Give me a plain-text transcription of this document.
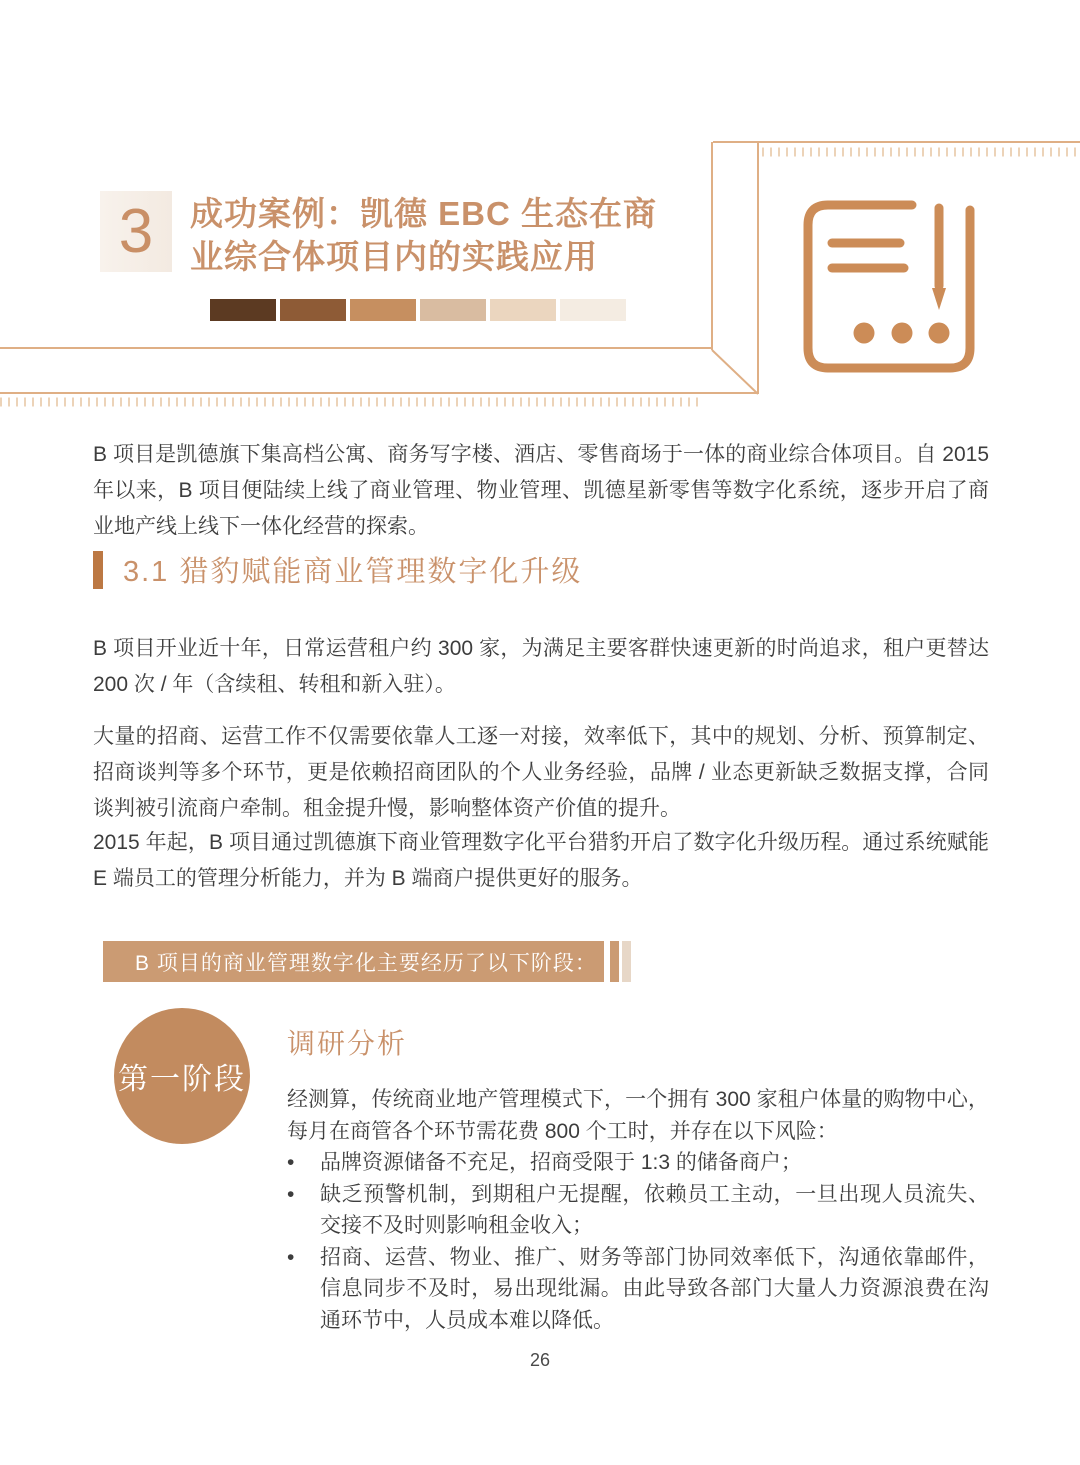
3 成功案例：凯德 EBC 生态在商
业综合体项目内的实践应用
B 项目是凯德旗下集高档公寓、商务写字楼、酒店、零售商场于一体的商业综合体项目。自 2015 年以来，B 项目便陆续上线了商业管理、物业管理、凯德星新零售等数字化系统，逐步开启了商业地产线上线下一体化经营的探索。
3.1 猎豹赋能商业管理数字化升级
B 项目开业近十年，日常运营租户约 300 家，为满足主要客群快速更新的时尚追求，租户更替达 200 次 / 年（含续租、转租和新入驻）。
大量的招商、运营工作不仅需要依靠人工逐一对接，效率低下，其中的规划、分析、预算制定、招商谈判等多个环节，更是依赖招商团队的个人业务经验，品牌 / 业态更新缺乏数据支撑，合同谈判被引流商户牵制。租金提升慢，影响整体资产价值的提升。
2015 年起，B 项目通过凯德旗下商业管理数字化平台猎豹开启了数字化升级历程。通过系统赋能 E 端员工的管理分析能力，并为 B 端商户提供更好的服务。
B 项目的商业管理数字化主要经历了以下阶段：
第一阶段
调研分析
经测算，传统商业地产管理模式下，一个拥有 300 家租户体量的购物中心，每月在商管各个环节需花费 800 个工时，并存在以下风险：
•	品牌资源储备不充足，招商受限于 1:3 的储备商户；
•	缺乏预警机制，到期租户无提醒，依赖员工主动，一旦出现人员流失、交接不及时则影响租金收入；
•	招商、运营、物业、推广、财务等部门协同效率低下，沟通依靠邮件，信息同步不及时，易出现纰漏。由此导致各部门大量人力资源浪费在沟通环节中，人员成本难以降低。
26
